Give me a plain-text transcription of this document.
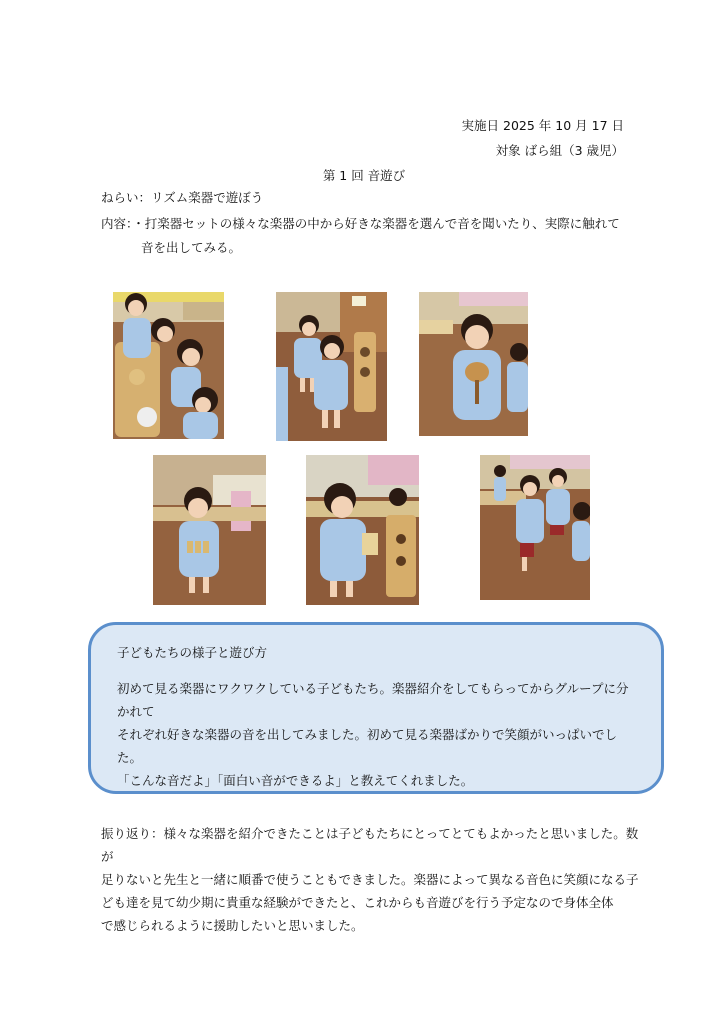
実施日 2025 年 10 月 17 日
対象 ばら組（3 歳児）
第 1 回 音遊び
ねらい：リズム楽器で遊ぼう
内容：・打楽器セットの様々な楽器の中から好きな楽器を選んで音を聞いたり、実際に触れて
音を出してみる。
子どもたちの様子と遊び方
初めて見る楽器にワクワクしている子どもたち。楽器紹介をしてもらってからグループに分かれて
それぞれ好きな楽器の音を出してみました。初めて見る楽器ばかりで笑顔がいっぱいでした。
「こんな音だよ」「面白い音ができるよ」と教えてくれました。
振り返り：様々な楽器を紹介できたことは子どもたちにとってとてもよかったと思いました。数が
足りないと先生と一緒に順番で使うこともできました。楽器によって異なる音色に笑顔になる子
ども達を見て幼少期に貴重な経験ができたと、これからも音遊びを行う予定なので身体全体
で感じられるように援助したいと思いました。
